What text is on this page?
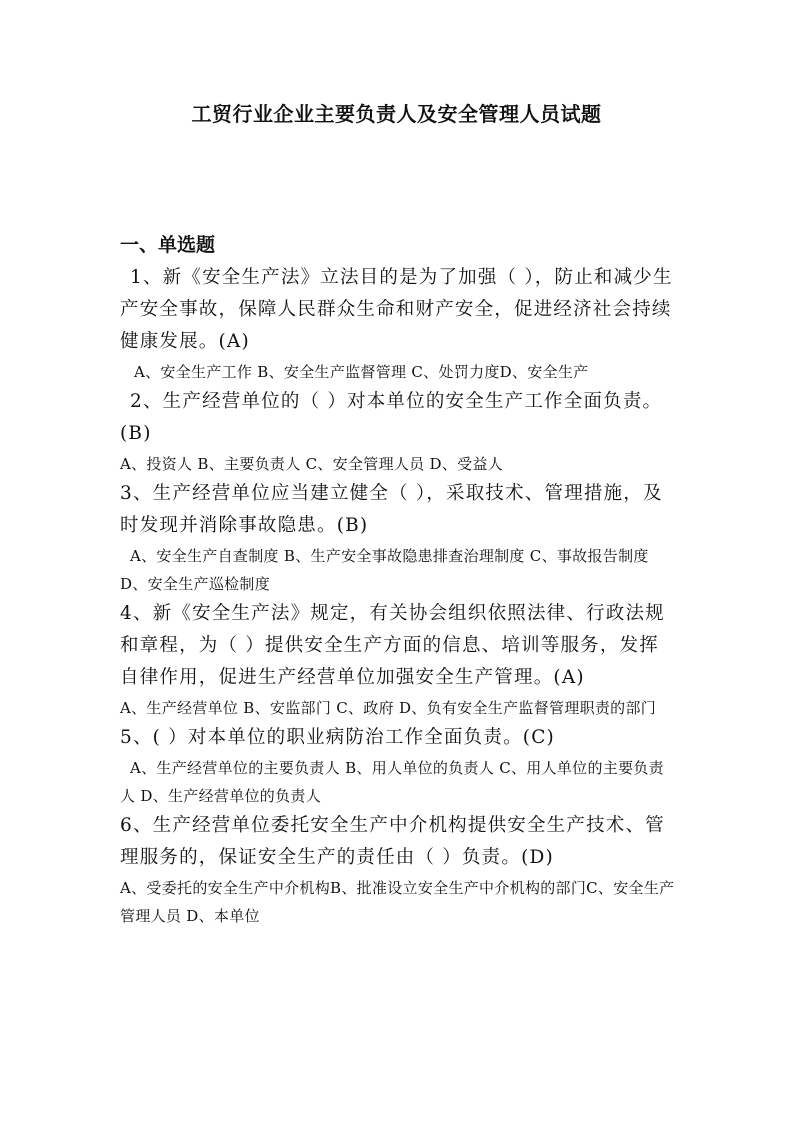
工贸行业企业主要负责人及安全管理人员试题
一、单选题

1、新《安全生产法》立法目的是为了加强（ ），防止和减少生产安全事故，保障人民群众生命和财产安全，促进经济社会持续健康发展。(A)

A、安全生产工作 B、安全生产监督管理 C、处罚力度D、安全生产

2、生产经营单位的（ ）对本单位的安全生产工作全面负责。(B)

A、投资人 B、主要负责人 C、安全管理人员 D、受益人

3、生产经营单位应当建立健全（ ），采取技术、管理措施，及时发现并消除事故隐患。(B)

A、安全生产自查制度 B、生产安全事故隐患排查治理制度 C、事故报告制度D、安全生产巡检制度

4、新《安全生产法》规定，有关协会组织依照法律、行政法规和章程，为（ ）提供安全生产方面的信息、培训等服务，发挥自律作用，促进生产经营单位加强安全生产管理。(A)

A、生产经营单位 B、安监部门 C、政府 D、负有安全生产监督管理职责的部门

5、( ）对本单位的职业病防治工作全面负责。(C)

A、生产经营单位的主要负责人 B、用人单位的负责人 C、用人单位的主要负责人 D、生产经营单位的负责人

6、生产经营单位委托安全生产中介机构提供安全生产技术、管理服务的，保证安全生产的责任由（ ）负责。(D)

A、受委托的安全生产中介机构B、批准设立安全生产中介机构的部门C、安全生产管理人员 D、本单位
